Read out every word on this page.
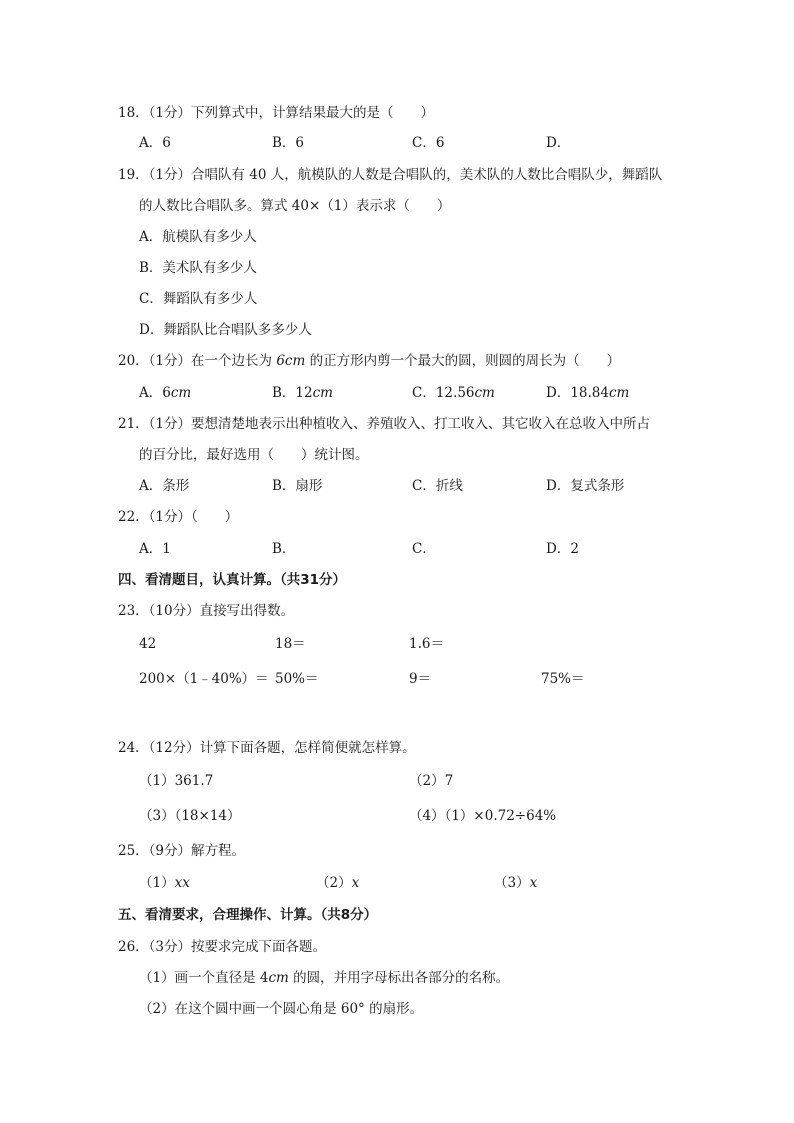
18．（1分）下列算式中，计算结果最大的是（　　）
A．6	B．6	C．6	D．
19．（1分）合唱队有 40 人，航模队的人数是合唱队的，美术队的人数比合唱队少，舞蹈队
的人数比合唱队多。算式 40×（1）表示求（　　）
A．航模队有多少人
B．美术队有多少人
C．舞蹈队有多少人
D．舞蹈队比合唱队多多少人
20．（1分）在一个边长为 6cm 的正方形内剪一个最大的圆，则圆的周长为（　　）
A．6cm	B．12cm	C．12.56cm	D．18.84cm
21．（1分）要想清楚地表示出种植收入、养殖收入、打工收入、其它收入在总收入中所占
的百分比，最好选用（　　）统计图。
A．条形	B．扇形	C．折线	D．复式条形
22．（1分）（　　）
A．1	B．	C．	D．2
四、看清题目，认真计算。（共31分）
23．（10分）直接写出得数。
42	18＝	1.6＝
200×（1﹣40%）＝ 50%＝	9＝	75%＝
24．（12分）计算下面各题，怎样简便就怎样算。
（1）361.7	（2）7
（3）（18×14）	（4）（1）×0.72÷64%
25．（9分）解方程。
（1）xx	（2）x	（3）x
五、看清要求，合理操作、计算。（共8分）
26．（3分）按要求完成下面各题。
（1）画一个直径是 4cm 的圆，并用字母标出各部分的名称。
（2）在这个圆中画一个圆心角是 60° 的扇形。
